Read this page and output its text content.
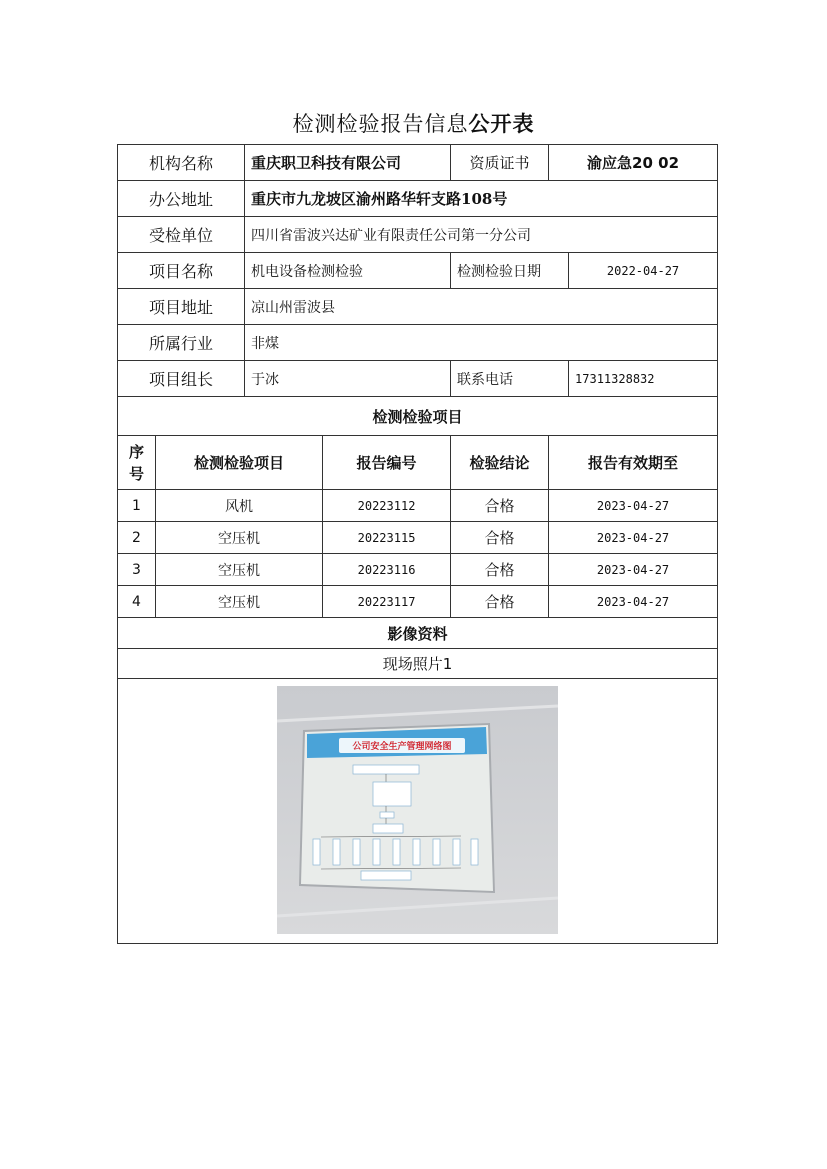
检测检验报告信息公开表
机构名称		重庆职卫科技有限公司		资质证书	渝应急20 02	
办公地址		重庆市九龙坡区渝州路华轩支路108号				
受检单位		四川省雷波兴达矿业有限责任公司第一分公司				
项目名称		机电设备检测检验		检测检验日期		2022-04-27
项目地址		凉山州雷波县				
所属行业		非煤				
项目组长		于冰		联系电话		17311328832
检测检验项目						
序号	检测检验项目		报告编号	检验结论	报告有效期至	
1	风机		20223112	合格	2023-04-27	
2	空压机		20223115	合格	2023-04-27	
3	空压机		20223116	合格	2023-04-27	
4	空压机		20223117	合格	2023-04-27	
影像资料						
现场照片1						

公司安全生产管理网络图						
